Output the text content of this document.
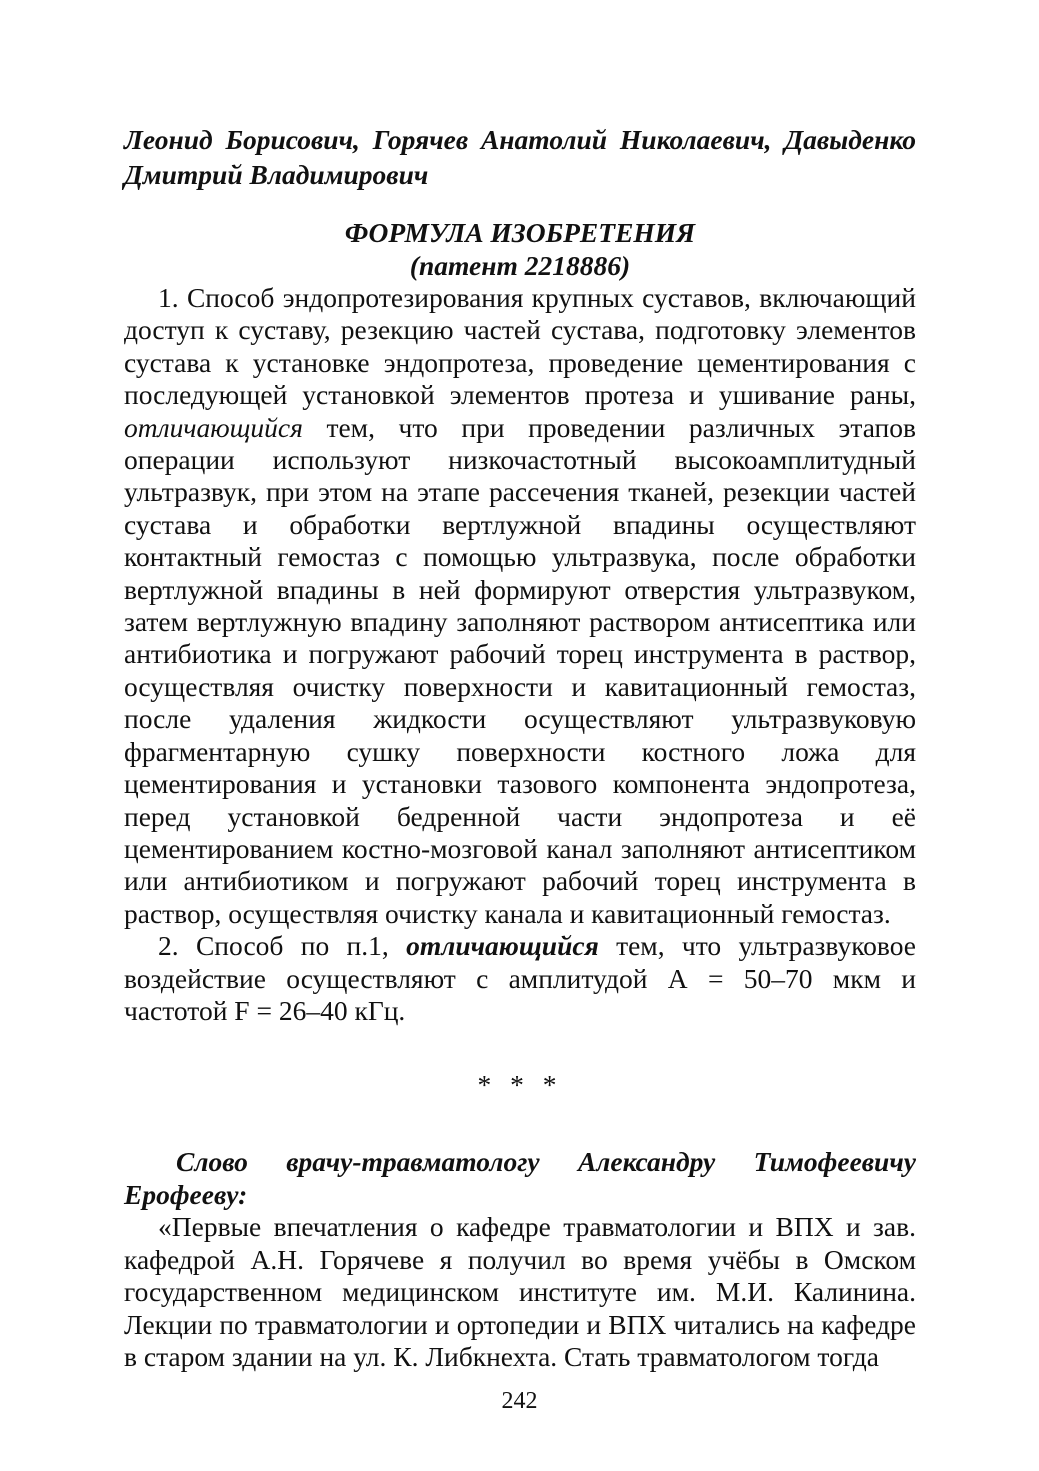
Леонид Борисович, Горячев Анатолий Николаевич, Давыденко Дмитрий Владимирович

ФОРМУЛА ИЗОБРЕТЕНИЯ

(патент 2218886)

1. Способ эндопротезирования крупных суставов, включающий доступ к суставу, резекцию частей сустава, подготовку элементов сустава к установке эндопротеза, проведение цементирования с последующей установкой элементов протеза и ушивание раны, отличающийся тем, что при проведении различных этапов операции используют низкочастотный высокоамплитудный ультразвук, при этом на этапе рассечения тканей, резекции частей сустава и обработки вертлужной впадины осуществляют контактный гемостаз с помощью ультразвука, после обработки вертлужной впадины в ней формируют отверстия ультразвуком, затем вертлужную впадину заполняют раствором антисептика или антибиотика и погружают рабочий торец инструмента в раствор, осуществляя очистку поверхности и кавитационный гемостаз, после удаления жидкости осуществляют ультразвуковую фрагментарную сушку поверхности костного ложа для цементирования и установки тазового компонента эндопротеза, перед установкой бедренной части эндопротеза и её цементированием костно-мозговой канал заполняют антисептиком или антибиотиком и погружают рабочий торец инструмента в раствор, осуществляя очистку канала и кавитационный гемостаз.

2. Способ по п.1, отличающийся тем, что ультразвуковое воздействие осуществляют с амплитудой А = 50–70 мкм и частотой F = 26–40 кГц.

* * *

Слово врачу-травматологу Александру Тимофеевичу Ерофееву:

«Первые впечатления о кафедре травматологии и ВПХ и зав. кафедрой А.Н. Горячеве я получил во время учёбы в Омском государственном медицинском институте им. М.И. Калинина. Лекции по травматологии и ортопедии и ВПХ читались на кафедре в старом здании на ул. К. Либкнехта. Стать травматологом тогда

242
